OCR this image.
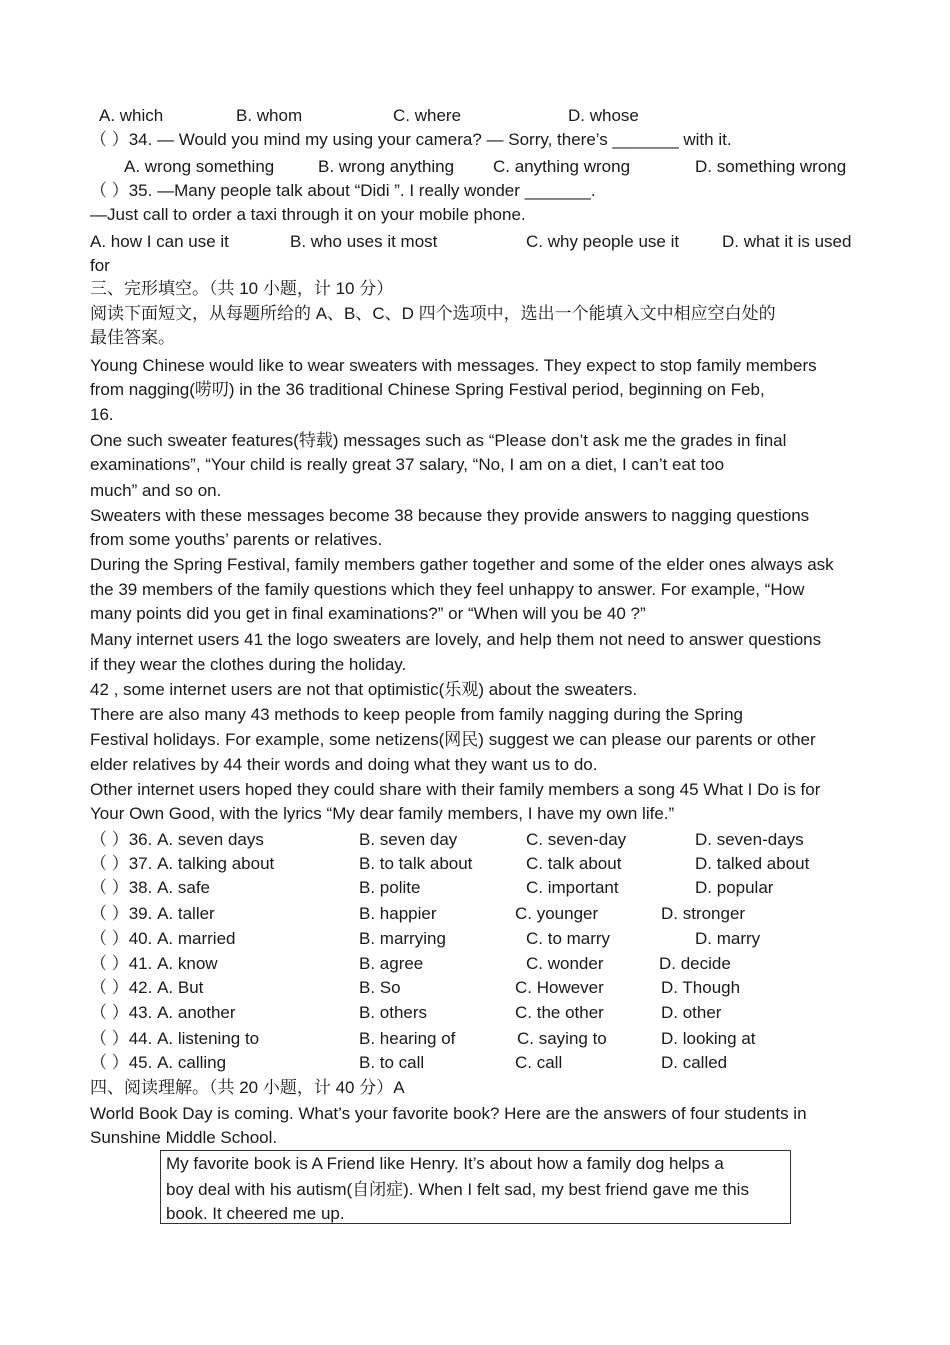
A. which	B. whom	C. where	D. whose
（ ）34. — Would you mind my using your camera? — Sorry, there’s _______ with it.
A. wrong something	B. wrong anything C. anything wrong	D. something wrong
（ ）35. —Many people talk about “Didi ”. I really wonder _______.
—Just call to order a taxi through it on your mobile phone.
A. how I can use it	B. who uses it most	C. why people use it	D. what it is used
for
三、完形填空。（共 10 小题，计 10 分）
阅读下面短文，从每题所给的 A、B、C、D 四个选项中，选出一个能填入文中相应空白处的
最佳答案。
Young Chinese would like to wear sweaters with messages. They expect to stop family members
from nagging(唠叨) in the 36 traditional Chinese Spring Festival period, beginning on Feb,
16.
One such sweater features(特载) messages such as “Please don’t ask me the grades in final
examinations”, “Your child is really great 37 salary, “No, I am on a diet, I can’t eat too
much” and so on.
Sweaters with these messages become 38 because they provide answers to nagging questions
from some youths’ parents or relatives.
During the Spring Festival, family members gather together and some of the elder ones always ask
the 39 members of the family questions which they feel unhappy to answer. For example, “How
many points did you get in final examinations?” or “When will you be 40 ?”
Many internet users 41 the logo sweaters are lovely, and help them not need to answer questions
if they wear the clothes during the holiday.
42 , some internet users are not that optimistic(乐观) about the sweaters.
There are also many 43 methods to keep people from family nagging during the Spring
Festival holidays. For example, some netizens(网民) suggest we can please our parents or other
elder relatives by 44 their words and doing what they want us to do.
Other internet users hoped they could share with their family members a song 45 What I Do is for
Your Own Good, with the lyrics “My dear family members, I have my own life.”
（ ）36. A. seven days	B. seven day	C. seven-day	D. seven-days
（ ）37. A. talking about	B. to talk about	C. talk about	D. talked about
（ ）38. A. safe	B. polite	C. important	D. popular
（ ）39. A. taller	B. happier	C. younger	D. stronger
（ ）40. A. married	B. marrying	C. to marry	D. marry
（ ）41. A. know	B. agree	C. wonder	D. decide
（ ）42. A. But	B. So	C. However	D. Though
（ ）43. A. another	B. others	C. the other	D. other
（ ）44. A. listening to	B. hearing of	C. saying to	D. looking at
（ ）45. A. calling	B. to call	C. call	D. called
四、阅读理解。（共 20 小题，计 40 分）A
World Book Day is coming. What’s your favorite book? Here are the answers of four students in
Sunshine Middle School.
My favorite book is A Friend like Henry. It’s about how a family dog helps a
boy deal with his autism(自闭症). When I felt sad, my best friend gave me this
book. It cheered me up.
